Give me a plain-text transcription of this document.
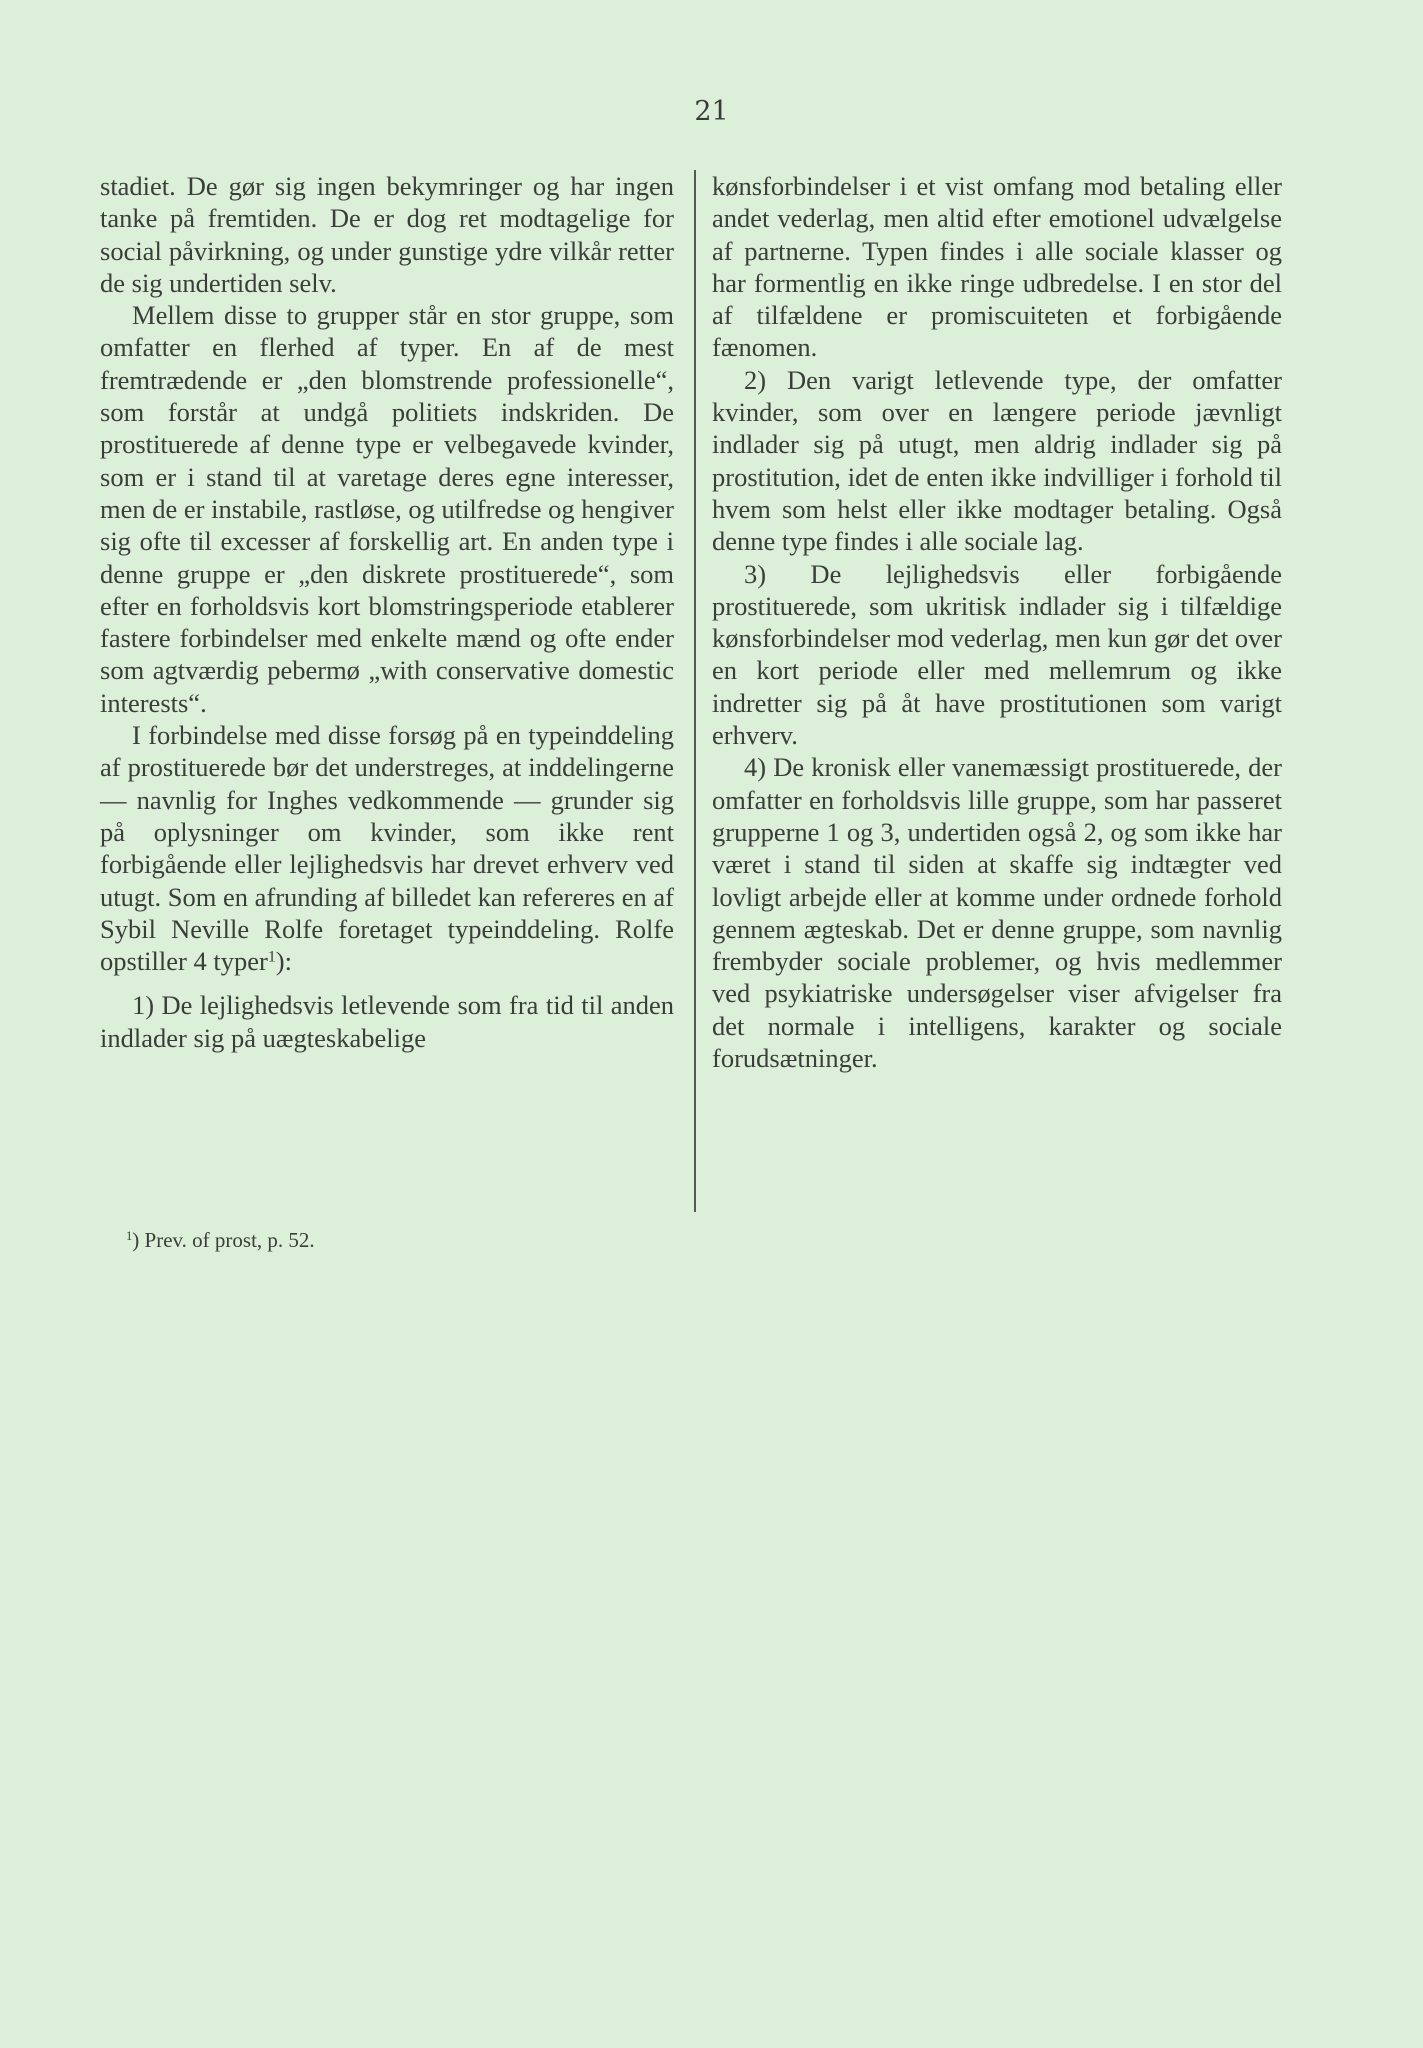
21

stadiet. De gør sig ingen bekymringer og har ingen tanke på fremtiden. De er dog ret modtagelige for social påvirkning, og under gunstige ydre vilkår retter de sig undertiden selv.

Mellem disse to grupper står en stor gruppe, som omfatter en flerhed af typer. En af de mest fremtrædende er „den blomstrende professionelle“, som forstår at undgå politiets indskriden. De prostituerede af denne type er velbegavede kvinder, som er i stand til at varetage deres egne interesser, men de er instabile, rastløse, og utilfredse og hengiver sig ofte til excesser af forskellig art. En anden type i denne gruppe er „den diskrete prostituerede“, som efter en forholdsvis kort blomstringsperiode etablerer fastere forbindelser med enkelte mænd og ofte ender som agtværdig pebermø „with conservative domestic interests“.

I forbindelse med disse forsøg på en typeinddeling af prostituerede bør det understreges, at inddelingerne — navnlig for Inghes vedkommende — grunder sig på oplysninger om kvinder, som ikke rent forbigående eller lejlighedsvis har drevet erhverv ved utugt. Som en afrunding af billedet kan refereres en af Sybil Neville Rolfe foretaget typeinddeling. Rolfe opstiller 4 typer$^1$):

1) De lejlighedsvis letlevende som fra tid til anden indlader sig på uægteskabelige

kønsforbindelser i et vist omfang mod betaling eller andet vederlag, men altid efter emotionel udvælgelse af partnerne. Typen findes i alle sociale klasser og har formentlig en ikke ringe udbredelse. I en stor del af tilfældene er promiscuiteten et forbigående fænomen.

2) Den varigt letlevende type, der omfatter kvinder, som over en længere periode jævnligt indlader sig på utugt, men aldrig indlader sig på prostitution, idet de enten ikke indvilliger i forhold til hvem som helst eller ikke modtager betaling. Også denne type findes i alle sociale lag.

3) De lejlighedsvis eller forbigående prostituerede, som ukritisk indlader sig i tilfældige kønsforbindelser mod vederlag, men kun gør det over en kort periode eller med mellemrum og ikke indretter sig på åt have prostitutionen som varigt erhverv.

4) De kronisk eller vanemæssigt prostituerede, der omfatter en forholdsvis lille gruppe, som har passeret grupperne 1 og 3, undertiden også 2, og som ikke har været i stand til siden at skaffe sig indtægter ved lovligt arbejde eller at komme under ordnede forhold gennem ægteskab. Det er denne gruppe, som navnlig frembyder sociale problemer, og hvis medlemmer ved psykiatriske undersøgelser viser afvigelser fra det normale i intelligens, karakter og sociale forudsætninger.

$^1$) Prev. of prost, p. 52.
